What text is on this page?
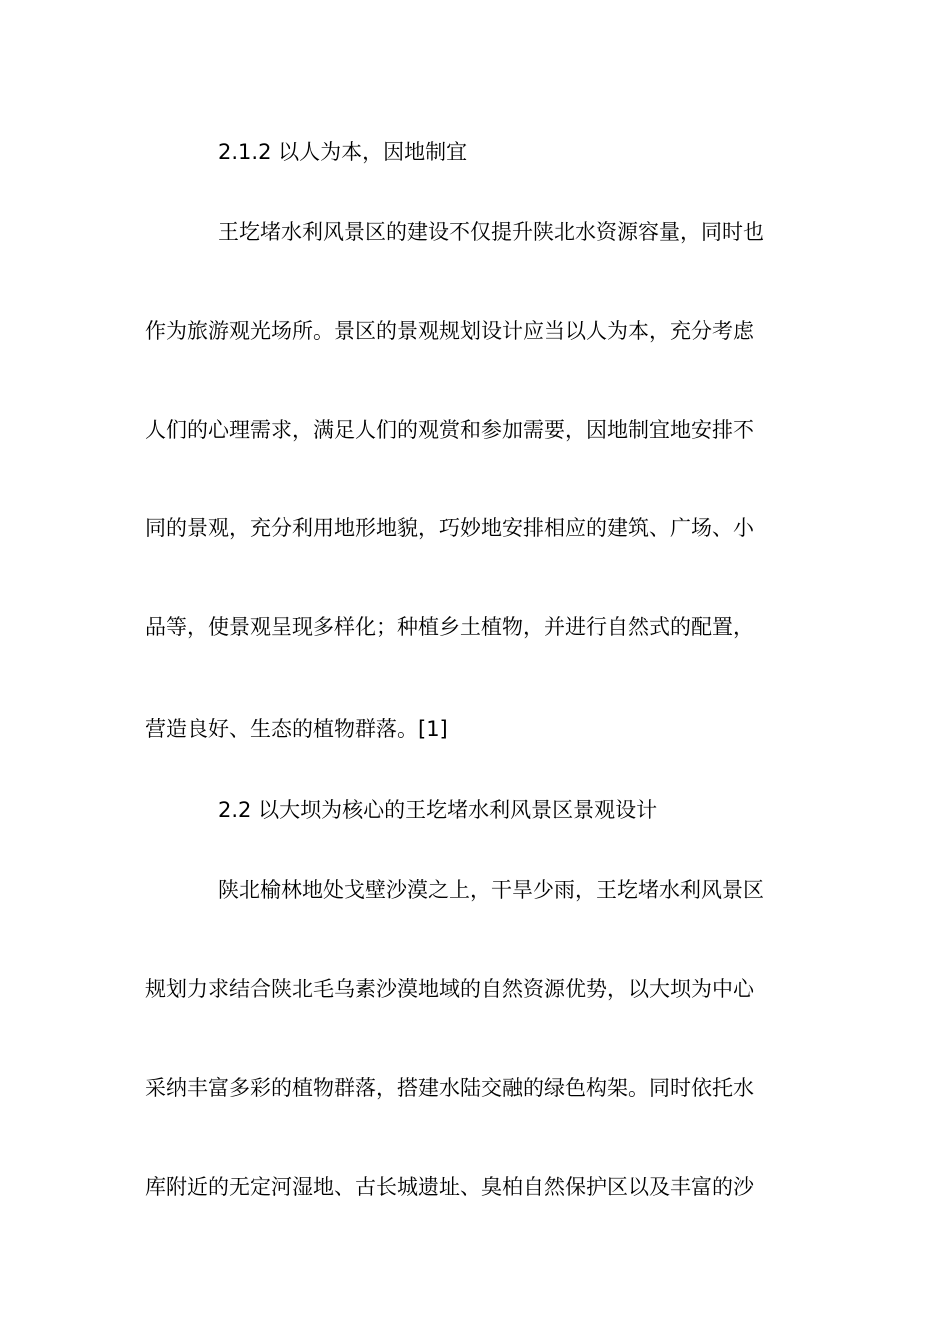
2.1.2 以人为本，因地制宜
王圪堵水利风景区的建设不仅提升陕北水资源容量，同时也
作为旅游观光场所。景区的景观规划设计应当以人为本，充分考虑
人们的心理需求，满足人们的观赏和参加需要，因地制宜地安排不
同的景观，充分利用地形地貌，巧妙地安排相应的建筑、广场、小
品等，使景观呈现多样化；种植乡土植物，并进行自然式的配置，
营造良好、生态的植物群落。[1]
2.2 以大坝为核心的王圪堵水利风景区景观设计
陕北榆林地处戈壁沙漠之上，干旱少雨，王圪堵水利风景区
规划力求结合陕北毛乌素沙漠地域的自然资源优势，以大坝为中心
采纳丰富多彩的植物群落，搭建水陆交融的绿色构架。同时依托水
库附近的无定河湿地、古长城遗址、臭柏自然保护区以及丰富的沙
